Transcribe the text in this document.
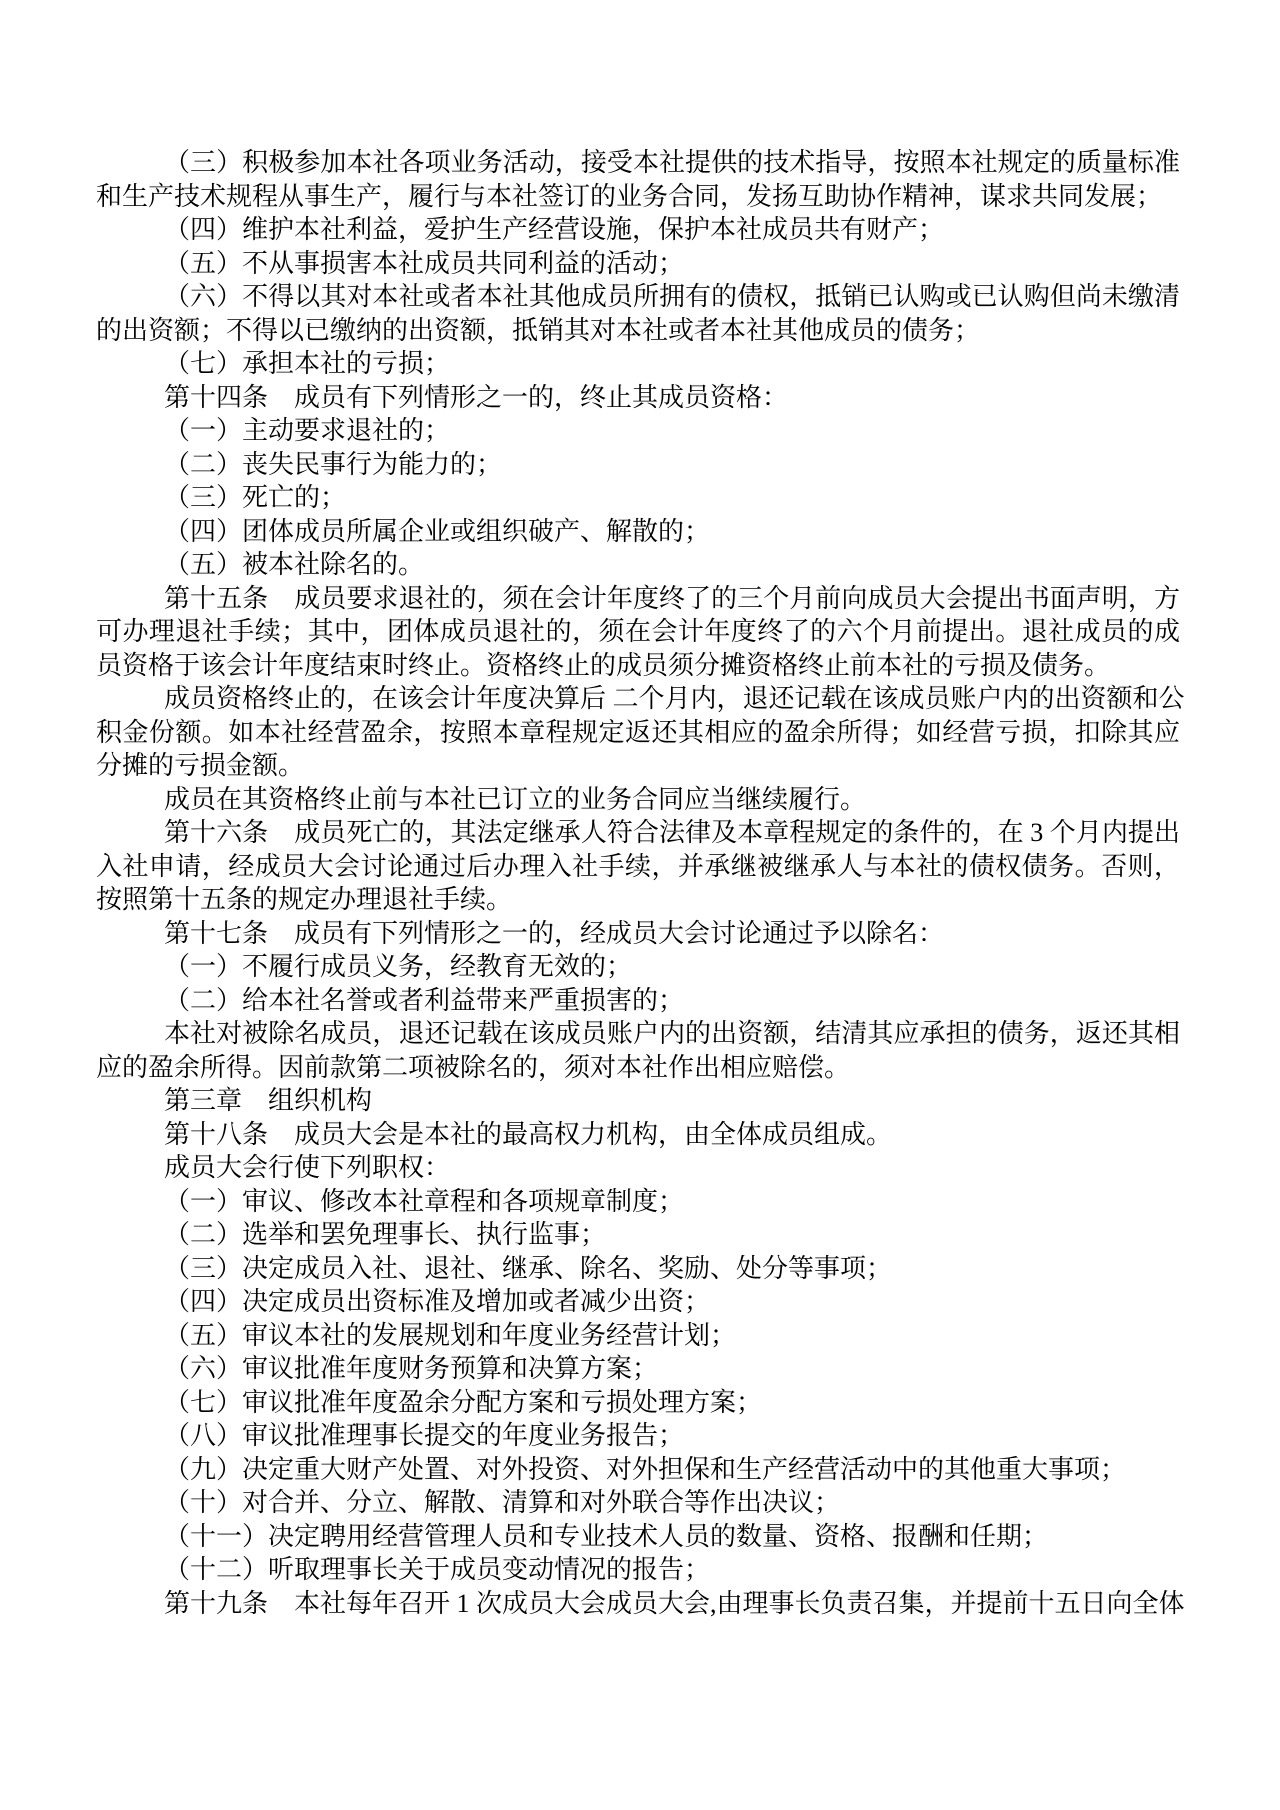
（三）积极参加本社各项业务活动，接受本社提供的技术指导，按照本社规定的质量标准
和生产技术规程从事生产，履行与本社签订的业务合同，发扬互助协作精神，谋求共同发展；
（四）维护本社利益，爱护生产经营设施，保护本社成员共有财产；
（五）不从事损害本社成员共同利益的活动；
（六）不得以其对本社或者本社其他成员所拥有的债权，抵销已认购或已认购但尚未缴清
的出资额；不得以已缴纳的出资额，抵销其对本社或者本社其他成员的债务；
（七）承担本社的亏损；
第十四条　成员有下列情形之一的，终止其成员资格：
（一）主动要求退社的；
（二）丧失民事行为能力的；
（三）死亡的；
（四）团体成员所属企业或组织破产、解散的；
（五）被本社除名的。
第十五条　成员要求退社的，须在会计年度终了的三个月前向成员大会提出书面声明，方
可办理退社手续；其中，团体成员退社的，须在会计年度终了的六个月前提出。退社成员的成
员资格于该会计年度结束时终止。资格终止的成员须分摊资格终止前本社的亏损及债务。
成员资格终止的，在该会计年度决算后 二个月内，退还记载在该成员账户内的出资额和公
积金份额。如本社经营盈余，按照本章程规定返还其相应的盈余所得；如经营亏损，扣除其应
分摊的亏损金额。
成员在其资格终止前与本社已订立的业务合同应当继续履行。
第十六条　成员死亡的，其法定继承人符合法律及本章程规定的条件的，在 3 个月内提出
入社申请，经成员大会讨论通过后办理入社手续，并承继被继承人与本社的债权债务。否则，
按照第十五条的规定办理退社手续。
第十七条　成员有下列情形之一的，经成员大会讨论通过予以除名：
（一）不履行成员义务，经教育无效的；
（二）给本社名誉或者利益带来严重损害的；
本社对被除名成员，退还记载在该成员账户内的出资额，结清其应承担的债务，返还其相
应的盈余所得。因前款第二项被除名的，须对本社作出相应赔偿。
第三章　组织机构
第十八条　成员大会是本社的最高权力机构，由全体成员组成。
成员大会行使下列职权：
（一）审议、修改本社章程和各项规章制度；
（二）选举和罢免理事长、执行监事；
（三）决定成员入社、退社、继承、除名、奖励、处分等事项；
（四）决定成员出资标准及增加或者减少出资；
（五）审议本社的发展规划和年度业务经营计划；
（六）审议批准年度财务预算和决算方案；
（七）审议批准年度盈余分配方案和亏损处理方案；
（八）审议批准理事长提交的年度业务报告；
（九）决定重大财产处置、对外投资、对外担保和生产经营活动中的其他重大事项；
（十）对合并、分立、解散、清算和对外联合等作出决议；
（十一）决定聘用经营管理人员和专业技术人员的数量、资格、报酬和任期；
（十二）听取理事长关于成员变动情况的报告；
第十九条　本社每年召开 1 次成员大会成员大会,由理事长负责召集，并提前十五日向全体
